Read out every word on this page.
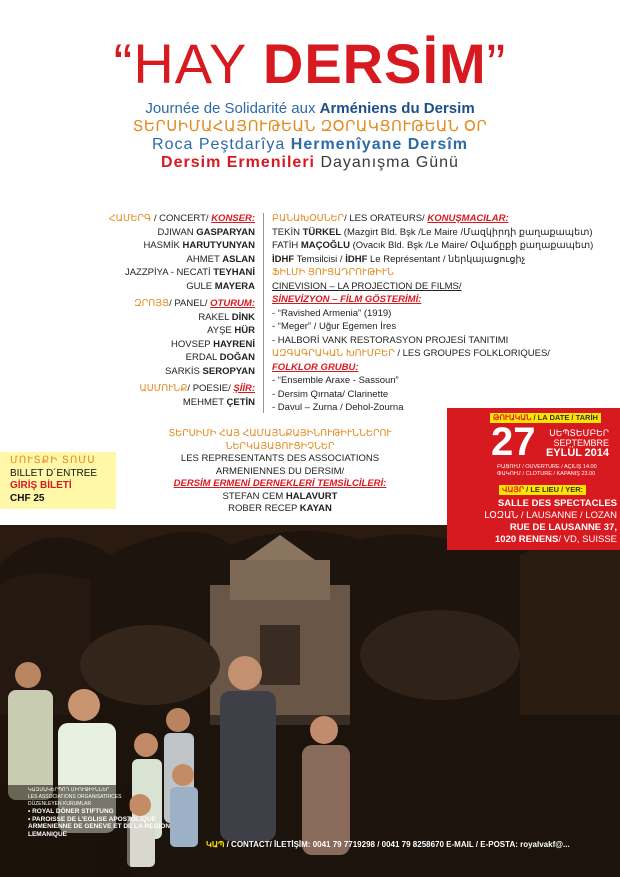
“HAY DERSİM”
Journée de Solidarité aux Arméniens du Dersim
ՏԵՐՍԻՄԱՀԱՅՈՒԹԵԱՆ ԶՕՐԱԿՑՈՒԹԵԱՆ ՕՐ
Roca Peştdarîya Hermenîyane Dersîm
Dersim Ermenileri Dayanışma Günü
ՀԱՄԵՐԳ / CONCERT/ KONSER:
DJIWAN GASPARYAN
HASMİK HARUTYUNYAN
AHMET ASLAN
JAZZPİYA - NECATİ TEYHANİ
GULE MAYERA
ԶՐՈՅՑ/ PANEL/ OTURUM:
RAKEL DİNK
AYŞE HÜR
HOVSEP HAYRENİ
ERDAL DOĞAN
SARKİS SEROPYAN
ԱՍՄՈՒՆՔ/ POESIE/ ŞİİR:
MEHMET ÇETİN
ԲԱՆԱԽՕՍՆԵՐ/ LES ORATEURS/ KONUŞMACILAR:
TEKİN TÜRKEL (Mazgirt Bld. Bşk /Le Maire /Մազկիրդի քաղաքապետ)
FATİH MAÇOĞLU (Ovacık Bld. Bşk /Le Maire/ Օվաճըքի քաղաքապետ)
İDHF Temsilcisi / İDHF Le Représentant / ներկայացուցիչ
ՖԻԼՄԻ ՑՈՒՑԱԴՐՈՒԹԻՒՆ
CINEVISION – LA PROJECTION DE FILMS/
SİNEVİZYON – FİLM GÖSTERİMİ:
- “Ravished Armenia” (1919)
- “Meger” / Uğur Egemen İres
- HALBORİ VANK RESTORASYON PROJESİ TANITIMI
ԱԶԳԱԳՐԱԿԱՆ ԽՈՒՄԲԵՐ / LES GROUPES FOLKLORIQUES/
FOLKLOR GRUBU:
- “Ensemble Araxe - Sassoun”
- Dersim Qırnata/ Clarinette
- Davul – Zurna / Dehol-Zourna
ՏԵՐՍԻՄԻ ՀԱՅ ՀԱՄԱՅՆՔԱՅԻՆՈՒԹԻՒՆՆԵՐՈՒ
ՆԵՐԿԱՅԱՑՈՒՑԻՉՆԵՐ
LES REPRESENTANTS DES ASSOCIATIONS
ARMENIENNES DU DERSIM/
DERSİM ERMENİ DERNEKLERİ TEMSİLCİLERİ:
STEFAN CEM HALAVURT
ROBER RECEP KAYAN
ՄՈՒՏՔԻ ՏՈՄՍ
BILLET D´ENTREE
GİRİŞ BİLETİ
CHF 25
ԹՈՒԱԿԱՆ / LA DATE / TARİH
27	ՍԵՊՏԵՄԲԵՐ
SEPTEMBRE
EYLÜL 2014
ԲԱՑՈՒՄ / OUVERTURE / AÇILIŞ 14.00
ՓԱԿՈՒՄ / CLOTURE / KAPANIŞ 23.00
ՎԱՅՐ / LE LIEU / YER:
SALLE DES SPECTACLES
ԼՕԶԱՆ / LAUSANNE / LOZAN
RUE DE LAUSANNE 37,
1020 RENENS/ VD, SUISSE
ԿԱԶՄԱԿԵՐՊՈՂ ՄԻՈՒԹԻՒՆՆԵՐ
LES ASSOCIATIONS ORGANISATRICES
DÜZENLEYEN KURUMLAR
• ROYAL DÖNER STIFTUNG
• PAROISSE DE L’EGLISE APOSTOLIQUE ARMENIENNE DE GENEVE ET DE LA REGION LEMANIQUE
ԿԱՊ / CONTACT/ İLETİŞİM: 0041 79 7719298 / 0041 79 8258670 E-MAIL / E-POSTA: royalvakf@...
